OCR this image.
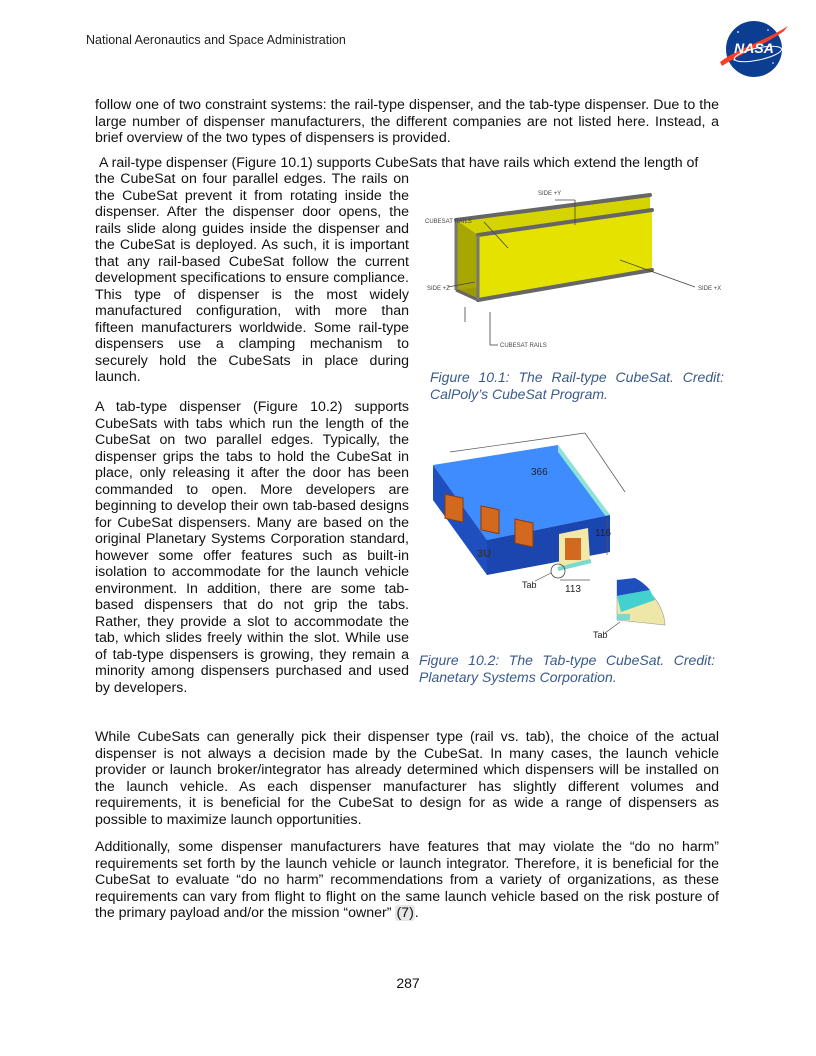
National Aeronautics and Space Administration	NASA
follow one of two constraint systems: the rail-type dispenser, and the tab-type dispenser. Due to the large number of dispenser manufacturers, the different companies are not listed here. Instead, a brief overview of the two types of dispensers is provided.
A rail-type dispenser (Figure 10.1) supports CubeSats that have rails which extend the length of
the CubeSat on four parallel edges. The rails on the CubeSat prevent it from rotating inside the dispenser. After the dispenser door opens, the rails slide along guides inside the dispenser and the CubeSat is deployed. As such, it is important that any rail-based CubeSat follow the current development specifications to ensure compliance. This type of dispenser is the most widely manufactured configuration, with more than fifteen manufacturers worldwide. Some rail-type dispensers use a clamping mechanism to securely hold the CubeSats in place during launch.
SIDE +Y
CUBESAT RAILS
SIDE +Z	SIDE +X
CUBESAT RAILS
Figure 10.1: The Rail-type CubeSat. Credit: CalPoly’s CubeSat Program.
A tab-type dispenser (Figure 10.2) supports CubeSats with tabs which run the length of the CubeSat on two parallel edges. Typically, the dispenser grips the tabs to hold the CubeSat in place, only releasing it after the door has been commanded to open. More developers are beginning to develop their own tab-based designs for CubeSat dispensers. Many are based on the original Planetary Systems Corporation standard, however some offer features such as built-in isolation to accommodate for the launch vehicle environment. In addition, there are some tab-based dispensers that do not grip the tabs. Rather, they provide a slot to accommodate the tab, which slides freely within the slot. While use of tab-type dispensers is growing, they remain a minority among dispensers purchased and used by developers.
366
116
3U
Tab	113
Tab
Figure 10.2: The Tab-type CubeSat. Credit: Planetary Systems Corporation.
While CubeSats can generally pick their dispenser type (rail vs. tab), the choice of the actual dispenser is not always a decision made by the CubeSat. In many cases, the launch vehicle provider or launch broker/integrator has already determined which dispensers will be installed on the launch vehicle. As each dispenser manufacturer has slightly different volumes and requirements, it is beneficial for the CubeSat to design for as wide a range of dispensers as possible to maximize launch opportunities.
Additionally, some dispenser manufacturers have features that may violate the “do no harm” requirements set forth by the launch vehicle or launch integrator. Therefore, it is beneficial for the CubeSat to evaluate “do no harm” recommendations from a variety of organizations, as these requirements can vary from flight to flight on the same launch vehicle based on the risk posture of the primary payload and/or the mission “owner” (7).
287
